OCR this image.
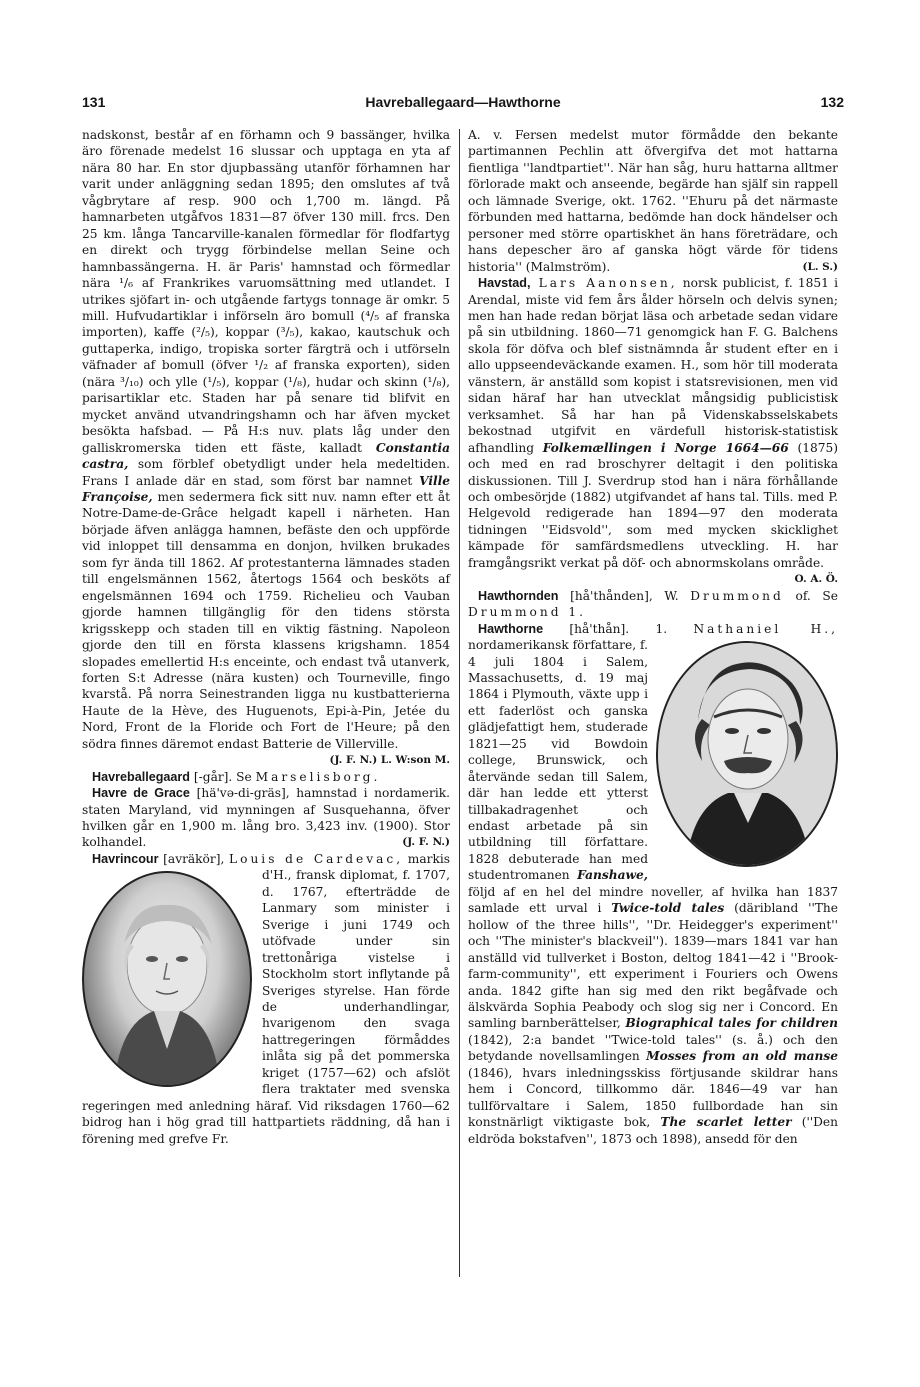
131	Havreballegaard—Hawthorne	132

nadskonst, består af en förhamn och 9 bassänger, hvilka äro förenade medelst 16 slussar och upptaga en yta af nära 80 har. En stor djupbassäng utanför förhamnen har varit under anläggning sedan 1895; den omslutes af två vågbrytare af resp. 900 och 1,700 m. längd. På hamnarbeten utgåfvos 1831—87 öfver 130 mill. frcs. Den 25 km. långa Tancarville-kanalen förmedlar för flodfartyg en direkt och trygg förbindelse mellan Seine och hamnbassängerna. H. är Paris' hamnstad och förmedlar nära ¹/₆ af Frankrikes varuomsättning med utlandet. I utrikes sjöfart in- och utgående fartygs tonnage är omkr. 5 mill. Hufvudartiklar i införseln äro bomull (⁴/₅ af franska importen), kaffe (²/₅), koppar (³/₅), kakao, kautschuk och guttaperka, indigo, tropiska sorter färgträ och i utförseln väfnader af bomull (öfver ¹/₂ af franska exporten), siden (nära ³/₁₀) och ylle (¹/₅), koppar (¹/₈), hudar och skinn (¹/₈), parisartiklar etc. Staden har på senare tid blifvit en mycket använd utvandringshamn och har äfven mycket besökta hafsbad. — På H:s nuv. plats låg under den galliskromerska tiden ett fäste, kalladt Constantia castra, som förblef obetydligt under hela medeltiden. Frans I anlade där en stad, som först bar namnet Ville Françoise, men sedermera fick sitt nuv. namn efter ett åt Notre-Dame-de-Grâce helgadt kapell i närheten. Han började äfven anlägga hamnen, befäste den och uppförde vid inloppet till densamma en donjon, hvilken brukades som fyr ända till 1862. Af protestanterna lämnades staden till engelsmännen 1562, återtogs 1564 och besköts af engelsmännen 1694 och 1759. Richelieu och Vauban gjorde hamnen tillgänglig för den tidens största krigsskepp och staden till en viktig fästning. Napoleon gjorde den till en första klassens krigshamn. 1854 slopades emellertid H:s enceinte, och endast två utanverk, forten S:t Adresse (nära kusten) och Tourneville, fingo kvarstå. På norra Seinestranden ligga nu kustbatterierna Haute de la Hève, des Huguenots, Epi-à-Pin, Jetée du Nord, Front de la Floride och Fort de l'Heure; på den södra finnes däremot endast Batterie de Villerville.
(J. F. N.) L. W:son M.

Havreballegaard [-går]. Se Marselisborg.

Havre de Grace [hä'vә-di-gräs], hamnstad i nordamerik. staten Maryland, vid mynningen af Susquehanna, öfver hvilken går en 1,900 m. lång bro. 3,423 inv. (1900). Stor kolhandel.	(J. F. N.)

Havrincour [avräkör], Louis de Cardevac,
markis d'H., fransk diplomat, f. 1707, d. 1767, efterträdde de Lanmary som minister i Sverige i juni 1749 och utöfvade under sin trettonåriga vistelse i Stockholm stort inflytande på Sveriges styrelse. Han förde de underhandlingar, hvarigenom den svaga hattregeringen förmåddes inlåta sig på det pommerska kriget (1757—62) och afslöt flera traktater med svenska regeringen med anledning häraf. Vid riksdagen 1760—62 bidrog han i hög grad till hattpartiets räddning, då han i förening med grefve Fr.

A. v. Fersen medelst mutor förmådde den bekante partimannen Pechlin att öfvergifva det mot hattarna fientliga ''landtpartiet''. När han såg, huru hattarna alltmer förlorade makt och anseende, begärde han själf sin rappell och lämnade Sverige, okt. 1762. ''Ehuru på det närmaste förbunden med hattarna, bedömde han dock händelser och personer med större opartiskhet än hans företrädare, och hans depescher äro af ganska högt värde för tidens historia'' (Malmström).	(L. S.)

Havstad, Lars Aanonsen, norsk publicist, f. 1851 i Arendal, miste vid fem års ålder hörseln och delvis synen; men han hade redan börjat läsa och arbetade sedan vidare på sin utbildning. 1860—71 genomgick han F. G. Balchens skola för döfva och blef sistnämnda år student efter en i allo uppseendeväckande examen. H., som hör till moderata vänstern, är anställd som kopist i statsrevisionen, men vid sidan häraf har han utvecklat mångsidig publicistisk verksamhet. Så har han på Videnskabsselskabets bekostnad utgifvit en värdefull historisk-statistisk afhandling Folkeтællingen i Norge 1664—66 (1875) och med en rad broschyrer deltagit i den politiska diskussionen. Till J. Sverdrup stod han i nära förhållande och ombesörjde (1882) utgifvandet af hans tal. Tills. med P. Helgevold redigerade han 1894—97 den moderata tidningen ''Eidsvold'', som med mycken skicklighet kämpade för samfärdsmedlens utveckling. H. har framgångsrikt verkat på döf- och abnormskolans område.
O. A. Ö.

Hawthornden [hå'thånden], W. Drummond of. Se Drummond 1.

Hawthorne [hå'thån]. 1. Nathaniel H.,
nordamerikansk författare, f. 4 juli 1804 i Salem, Massachusetts, d. 19 maj 1864 i Plymouth, växte upp i ett faderlöst och ganska glädjefattigt hem, studerade 1821—25 vid Bowdoin college, Brunswick, och återvände sedan till Salem, där han ledde ett ytterst tillbakadragenhet och endast arbetade på sin utbildning till författare. 1828 debuterade han med studentromanen Fanshawe, följd af en hel del mindre noveller, af hvilka han 1837 samlade ett urval i Twice-told tales (däribland ''The hollow of the three hills'', ''Dr. Heidegger's experiment'' och ''The minister's blackveil''). 1839—mars 1841 var han anställd vid tullverket i Boston, deltog 1841—42 i ''Brook-farm-community'', ett experiment i Fouriers och Owens anda. 1842 gifte han sig med den rikt begåfvade och älskvärda Sophia Peabody och slog sig ner i Concord. En samling barnberättelser, Biographical tales for children (1842), 2:a bandet ''Twice-told tales'' (s. å.) och den betydande novellsamlingen Mosses from an old manse (1846), hvars inledningsskiss förtjusande skildrar hans hem i Concord, tillkommo där. 1846—49 var han tullförvaltare i Salem, 1850 fullbordade han sin konstnärligt viktigaste bok, The scarlet letter (''Den eldröda bokstafven'', 1873 och 1898), ansedd för den
